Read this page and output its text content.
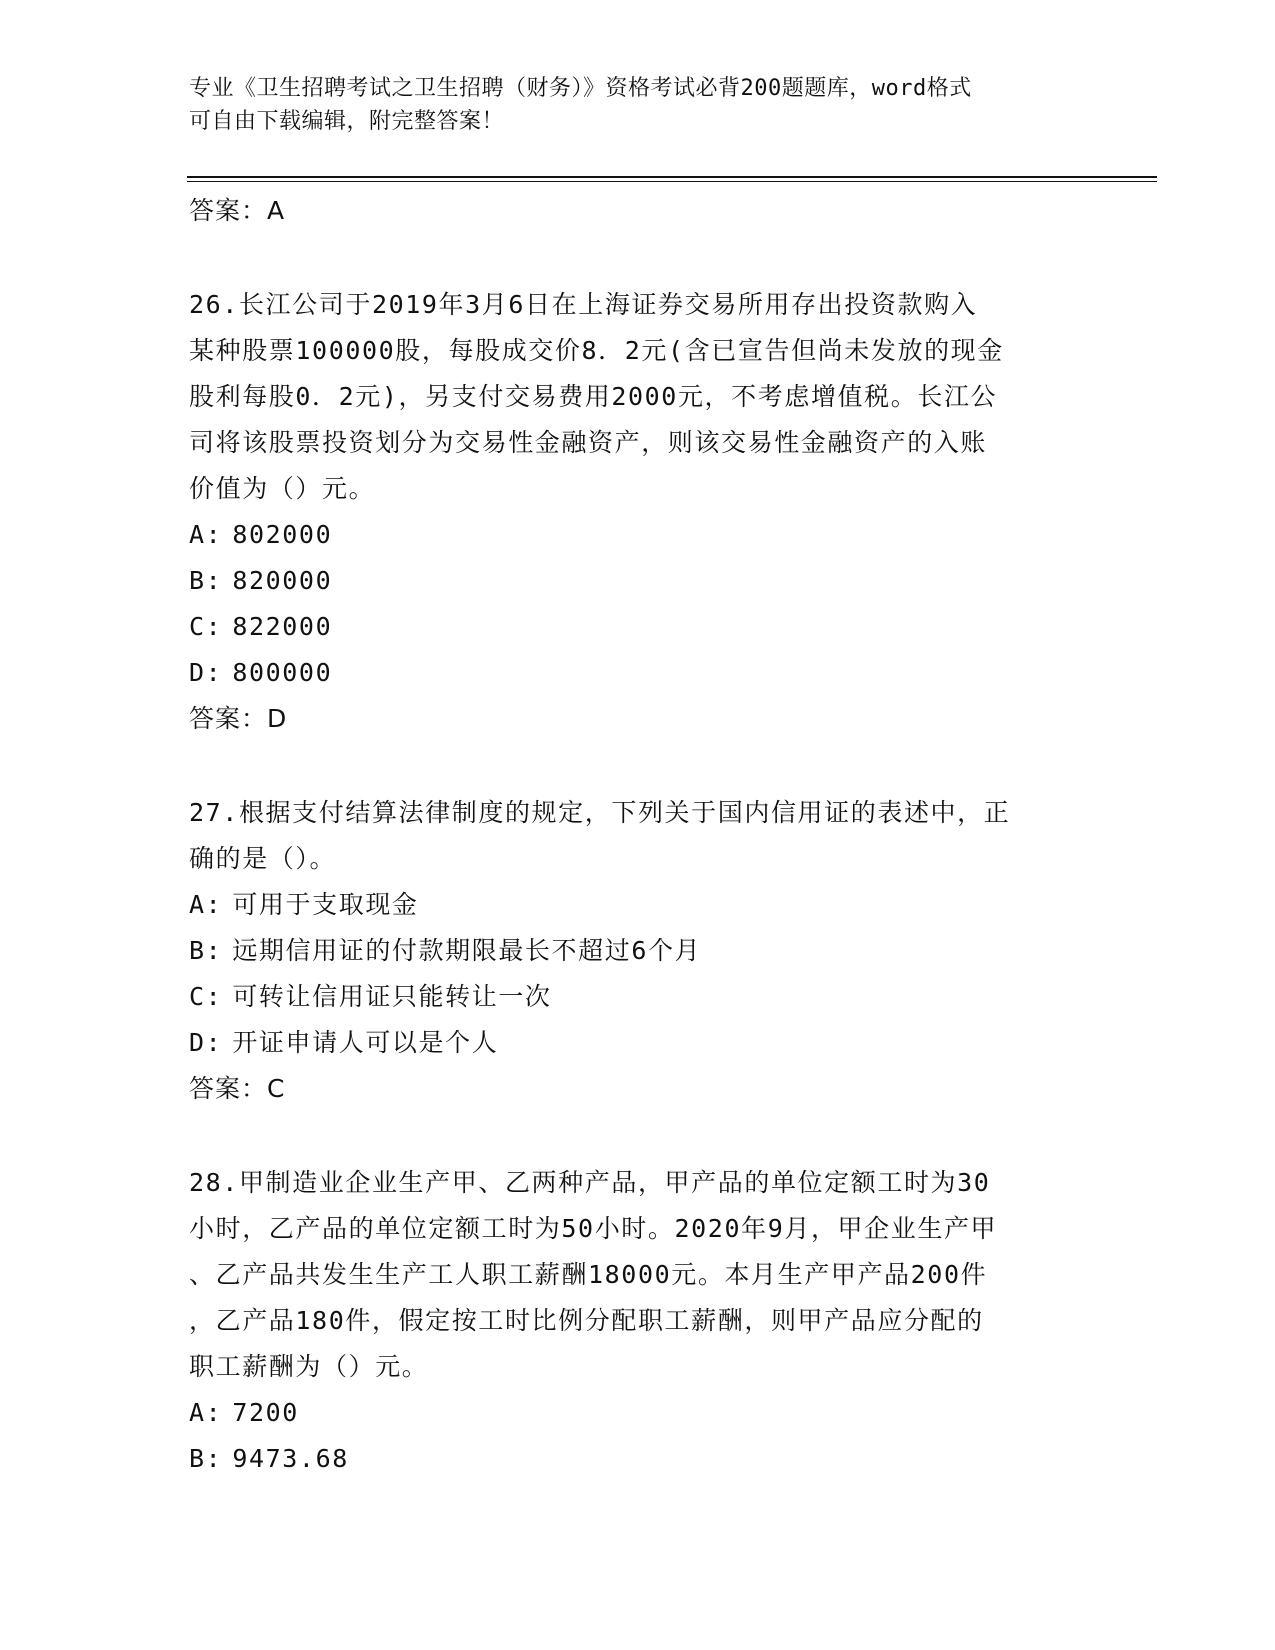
专业《卫生招聘考试之卫生招聘（财务）》资格考试必背200题题库，word格式
可自由下载编辑，附完整答案！
答案：A
26.长江公司于2019年3月6日在上海证券交易所用存出投资款购入
某种股票100000股，每股成交价8．2元(含已宣告但尚未发放的现金
股利每股0．2元)，另支付交易费用2000元，不考虑增值税。长江公
司将该股票投资划分为交易性金融资产，则该交易性金融资产的入账
价值为（）元。
A: 802000
B: 820000
C: 822000
D: 800000
答案：D
27.根据支付结算法律制度的规定，下列关于国内信用证的表述中，正
确的是（）。
A: 可用于支取现金
B: 远期信用证的付款期限最长不超过6个月
C: 可转让信用证只能转让一次
D: 开证申请人可以是个人
答案：C
28.甲制造业企业生产甲、乙两种产品，甲产品的单位定额工时为30
小时，乙产品的单位定额工时为50小时。2020年9月，甲企业生产甲
、乙产品共发生生产工人职工薪酬18000元。本月生产甲产品200件
，乙产品180件，假定按工时比例分配职工薪酬，则甲产品应分配的
职工薪酬为（）元。
A: 7200
B: 9473.68
